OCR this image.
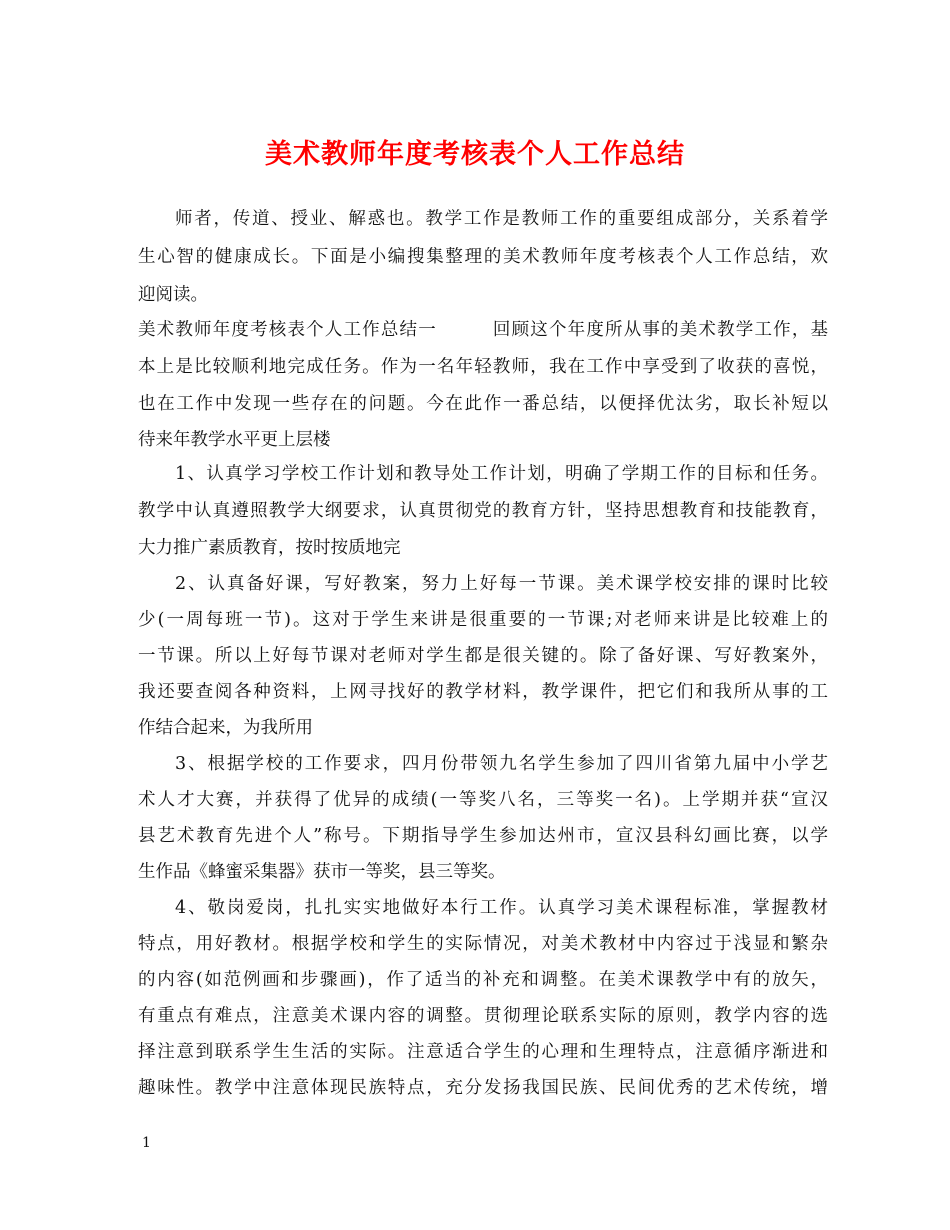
美术教师年度考核表个人工作总结
师者，传道、授业、解惑也。教学工作是教师工作的重要组成部分，关系着学
生心智的健康成长。下面是小编搜集整理的美术教师年度考核表个人工作总结，欢
迎阅读。
美术教师年度考核表个人工作总结一　　　回顾这个年度所从事的美术教学工作，基
本上是比较顺利地完成任务。作为一名年轻教师，我在工作中享受到了收获的喜悦，
也在工作中发现一些存在的问题。今在此作一番总结，以便择优汰劣，取长补短以
待来年教学水平更上层楼
1、认真学习学校工作计划和教导处工作计划，明确了学期工作的目标和任务。
教学中认真遵照教学大纲要求，认真贯彻党的教育方针，坚持思想教育和技能教育，
大力推广素质教育，按时按质地完
2、认真备好课，写好教案，努力上好每一节课。美术课学校安排的课时比较
少(一周每班一节)。这对于学生来讲是很重要的一节课;对老师来讲是比较难上的
一节课。所以上好每节课对老师对学生都是很关键的。除了备好课、写好教案外，
我还要查阅各种资料，上网寻找好的教学材料，教学课件，把它们和我所从事的工
作结合起来，为我所用
3、根据学校的工作要求，四月份带领九名学生参加了四川省第九届中小学艺
术人才大赛，并获得了优异的成绩(一等奖八名，三等奖一名)。上学期并获“宣汉
县艺术教育先进个人”称号。下期指导学生参加达州市，宣汉县科幻画比赛，以学
生作品《蜂蜜采集器》获市一等奖，县三等奖。
4、敬岗爱岗，扎扎实实地做好本行工作。认真学习美术课程标准，掌握教材
特点，用好教材。根据学校和学生的实际情况，对美术教材中内容过于浅显和繁杂
的内容(如范例画和步骤画)，作了适当的补充和调整。在美术课教学中有的放矢，
有重点有难点，注意美术课内容的调整。贯彻理论联系实际的原则，教学内容的选
择注意到联系学生生活的实际。注意适合学生的心理和生理特点，注意循序渐进和
趣味性。教学中注意体现民族特点，充分发扬我国民族、民间优秀的艺术传统，增
1
